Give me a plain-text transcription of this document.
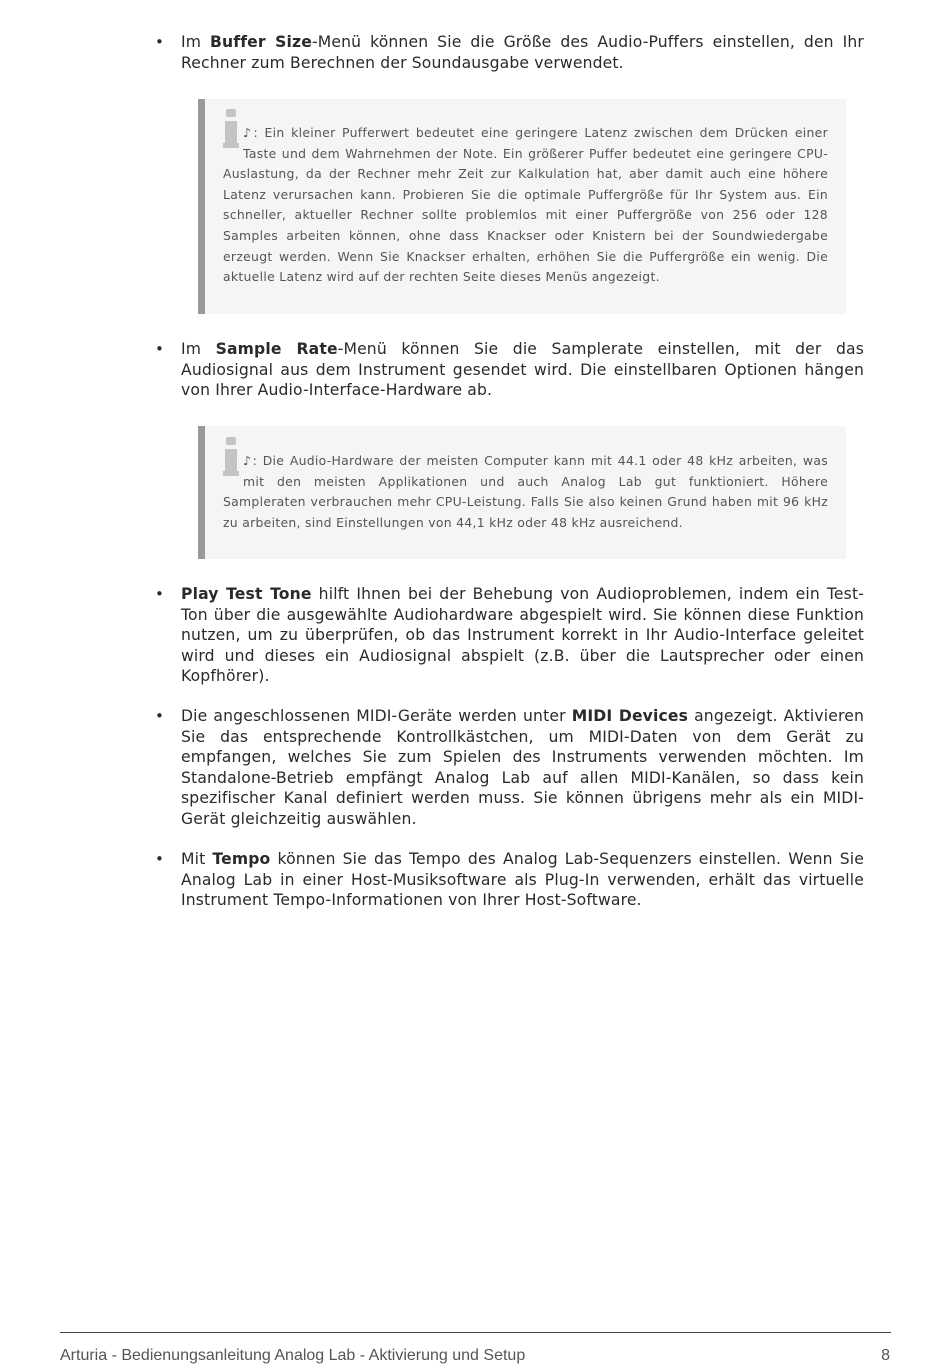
•	Im Buffer Size-Menü können Sie die Größe des Audio-Puffers einstellen, den Ihr Rechner zum Berechnen der Soundausgabe verwendet.
♪: Ein kleiner Pufferwert bedeutet eine geringere Latenz zwischen dem Drücken einer Taste und dem Wahrnehmen der Note. Ein größerer Puffer bedeutet eine geringere CPU-Auslastung, da der Rechner mehr Zeit zur Kalkulation hat, aber damit auch eine höhere Latenz verursachen kann. Probieren Sie die optimale Puffergröße für Ihr System aus. Ein schneller, aktueller Rechner sollte problemlos mit einer Puffergröße von 256 oder 128 Samples arbeiten können, ohne dass Knackser oder Knistern bei der Soundwiedergabe erzeugt werden. Wenn Sie Knackser erhalten, erhöhen Sie die Puffergröße ein wenig. Die aktuelle Latenz wird auf der rechten Seite dieses Menüs angezeigt.
•	Im Sample Rate-Menü können Sie die Samplerate einstellen, mit der das Audiosignal aus dem Instrument gesendet wird. Die einstellbaren Optionen hängen von Ihrer Audio-Interface-Hardware ab.
♪: Die Audio-Hardware der meisten Computer kann mit 44.1 oder 48 kHz arbeiten, was mit den meisten Applikationen und auch Analog Lab gut funktioniert. Höhere Sampleraten verbrauchen mehr CPU-Leistung. Falls Sie also keinen Grund haben mit 96 kHz zu arbeiten, sind Einstellungen von 44,1 kHz oder 48 kHz ausreichend.
•	Play Test Tone hilft Ihnen bei der Behebung von Audioproblemen, indem ein Test-Ton über die ausgewählte Audiohardware abgespielt wird. Sie können diese Funktion nutzen, um zu überprüfen, ob das Instrument korrekt in Ihr Audio-Interface geleitet wird und dieses ein Audiosignal abspielt (z.B. über die Lautsprecher oder einen Kopfhörer).
•	Die angeschlossenen MIDI-Geräte werden unter MIDI Devices angezeigt. Aktivieren Sie das entsprechende Kontrollkästchen, um MIDI-Daten von dem Gerät zu empfangen, welches Sie zum Spielen des Instruments verwenden möchten. Im Standalone-Betrieb empfängt Analog Lab auf allen MIDI-Kanälen, so dass kein spezifischer Kanal definiert werden muss. Sie können übrigens mehr als ein MIDI-Gerät gleichzeitig auswählen.
•	Mit Tempo können Sie das Tempo des Analog Lab-Sequenzers einstellen. Wenn Sie Analog Lab in einer Host-Musiksoftware als Plug-In verwenden, erhält das virtuelle Instrument Tempo-Informationen von Ihrer Host-Software.
Arturia - Bedienungsanleitung Analog Lab - Aktivierung und Setup	8
